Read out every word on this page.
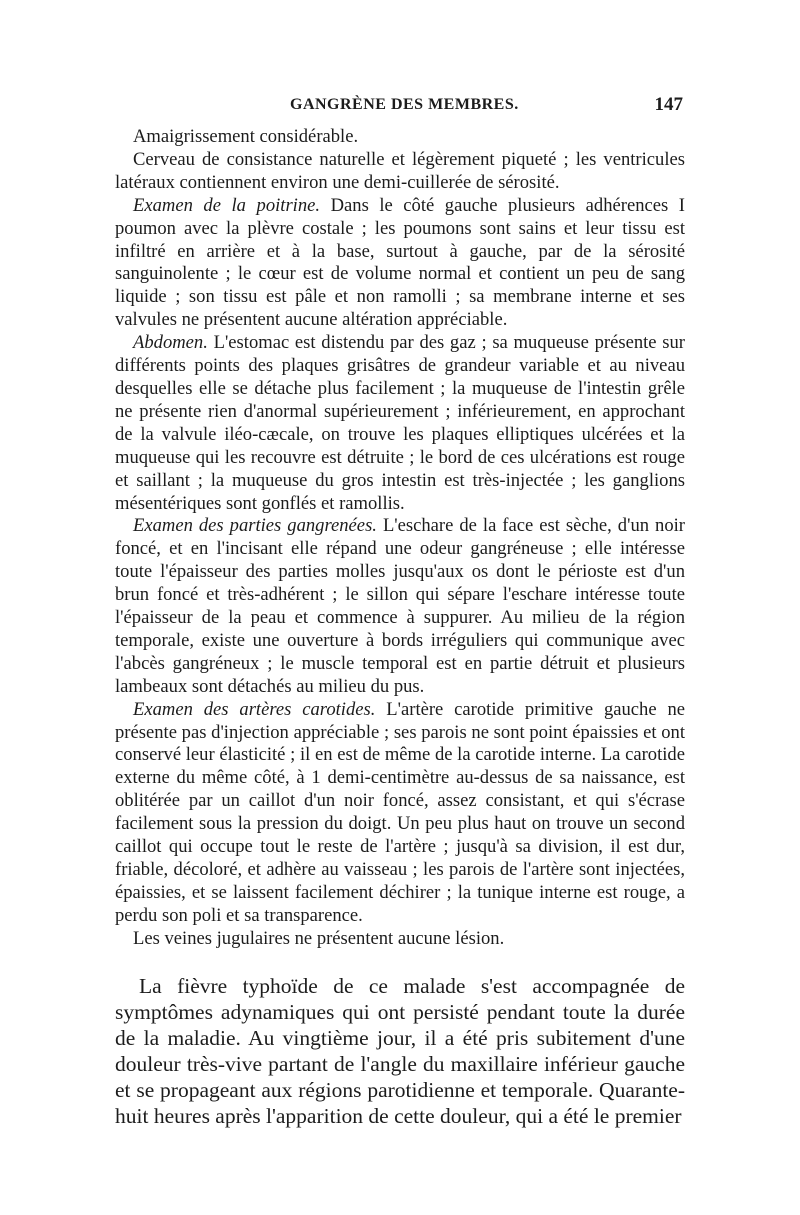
GANGRÈNE DES MEMBRES.	147

Amaigrissement considérable.

Cerveau de consistance naturelle et légèrement piqueté ; les ventricules latéraux contiennent environ une demi-cuillerée de sérosité.

Examen de la poitrine. Dans le côté gauche plusieurs adhérences I poumon avec la plèvre costale ; les poumons sont sains et leur tissu est infiltré en arrière et à la base, surtout à gauche, par de la sérosité sanguinolente ; le cœur est de volume normal et contient un peu de sang liquide ; son tissu est pâle et non ramolli ; sa membrane interne et ses valvules ne présentent aucune altération appréciable.

Abdomen. L'estomac est distendu par des gaz ; sa muqueuse présente sur différents points des plaques grisâtres de grandeur variable et au niveau desquelles elle se détache plus facilement ; la muqueuse de l'intestin grêle ne présente rien d'anormal supérieurement ; inférieurement, en approchant de la valvule iléo-cæcale, on trouve les plaques elliptiques ulcérées et la muqueuse qui les recouvre est détruite ; le bord de ces ulcérations est rouge et saillant ; la muqueuse du gros intestin est très-injectée ; les ganglions mésentériques sont gonflés et ramollis.

Examen des parties gangrenées. L'eschare de la face est sèche, d'un noir foncé, et en l'incisant elle répand une odeur gangréneuse ; elle intéresse toute l'épaisseur des parties molles jusqu'aux os dont le périoste est d'un brun foncé et très-adhérent ; le sillon qui sépare l'eschare intéresse toute l'épaisseur de la peau et commence à suppurer. Au milieu de la région temporale, existe une ouverture à bords irréguliers qui communique avec l'abcès gangréneux ; le muscle temporal est en partie détruit et plusieurs lambeaux sont détachés au milieu du pus.

Examen des artères carotides. L'artère carotide primitive gauche ne présente pas d'injection appréciable ; ses parois ne sont point épaissies et ont conservé leur élasticité ; il en est de même de la carotide interne. La carotide externe du même côté, à 1 demi-centimètre au-dessus de sa naissance, est oblitérée par un caillot d'un noir foncé, assez consistant, et qui s'écrase facilement sous la pression du doigt. Un peu plus haut on trouve un second caillot qui occupe tout le reste de l'artère ; jusqu'à sa division, il est dur, friable, décoloré, et adhère au vaisseau ; les parois de l'artère sont injectées, épaissies, et se laissent facilement déchirer ; la tunique interne est rouge, a perdu son poli et sa transparence.

Les veines jugulaires ne présentent aucune lésion.

La fièvre typhoïde de ce malade s'est accompagnée de symptômes adynamiques qui ont persisté pendant toute la durée de la maladie. Au vingtième jour, il a été pris subitement d'une douleur très-vive partant de l'angle du maxillaire inférieur gauche et se propageant aux régions parotidienne et temporale. Quarante-huit heures après l'apparition de cette douleur, qui a été le premier
